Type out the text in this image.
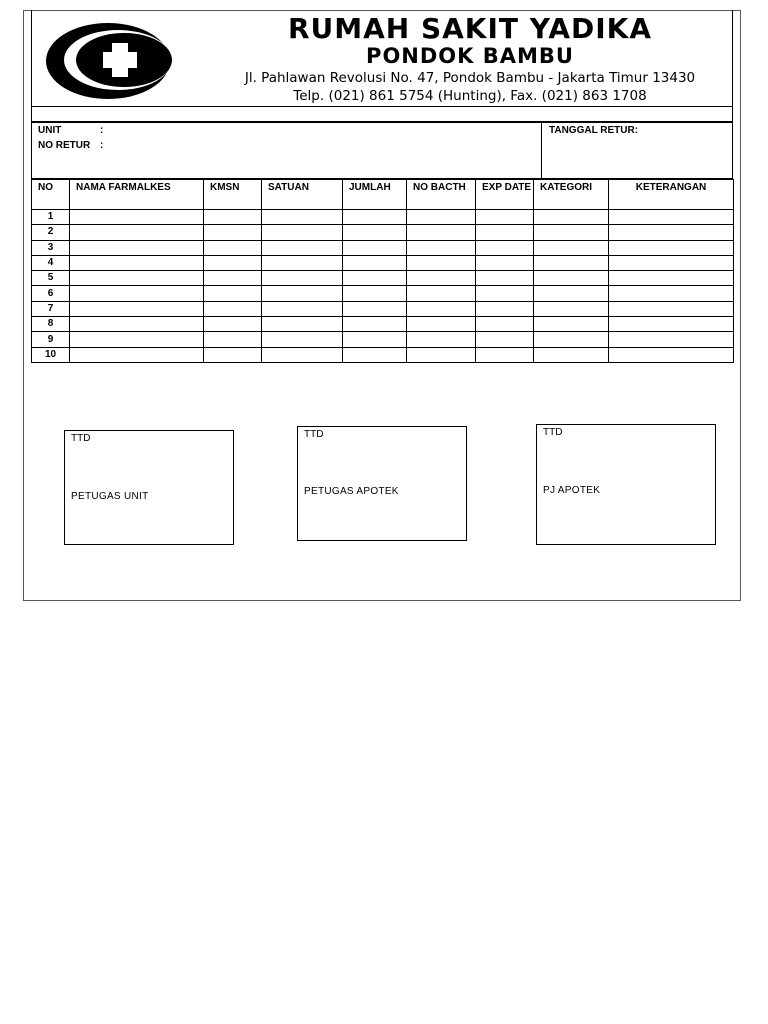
RUMAH SAKIT YADIKA
PONDOK BAMBU
Jl. Pahlawan Revolusi No. 47, Pondok Bambu - Jakarta Timur 13430
Telp. (021) 861 5754 (Hunting), Fax. (021) 863 1708
UNIT	:
NO RETUR :
TANGGAL RETUR:
NO	NAMA FARMALKES	KMSN	SATUAN	JUMLAH	NO BACTH	EXP DATE	KATEGORI	KETERANGAN
1								
2								
3								
4								
5								
6								
7								
8								
9								
10								
TTD
PETUGAS UNIT
TTD
PETUGAS APOTEK
TTD
PJ APOTEK
